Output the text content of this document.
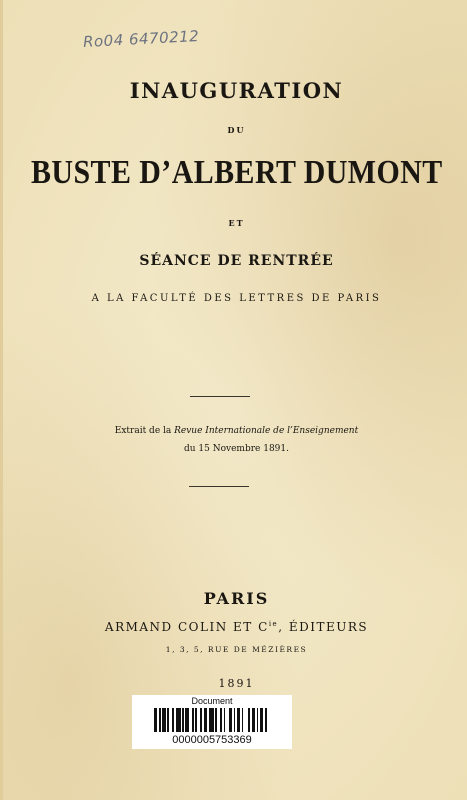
Ro04 6470212
INAUGURATION
DU
BUSTE D’ALBERT DUMONT
ET
SÉANCE DE RENTRÉE
A LA FACULTÉ DES LETTRES DE PARIS
Extrait de la Revue Internationale de l’Enseignement
du 15 Novembre 1891.
PARIS
ARMAND COLIN ET $C^{ie}$, ÉDITEURS
1, 3, 5, RUE DE MÉZIÈRES
1891
Document
0000005753369
